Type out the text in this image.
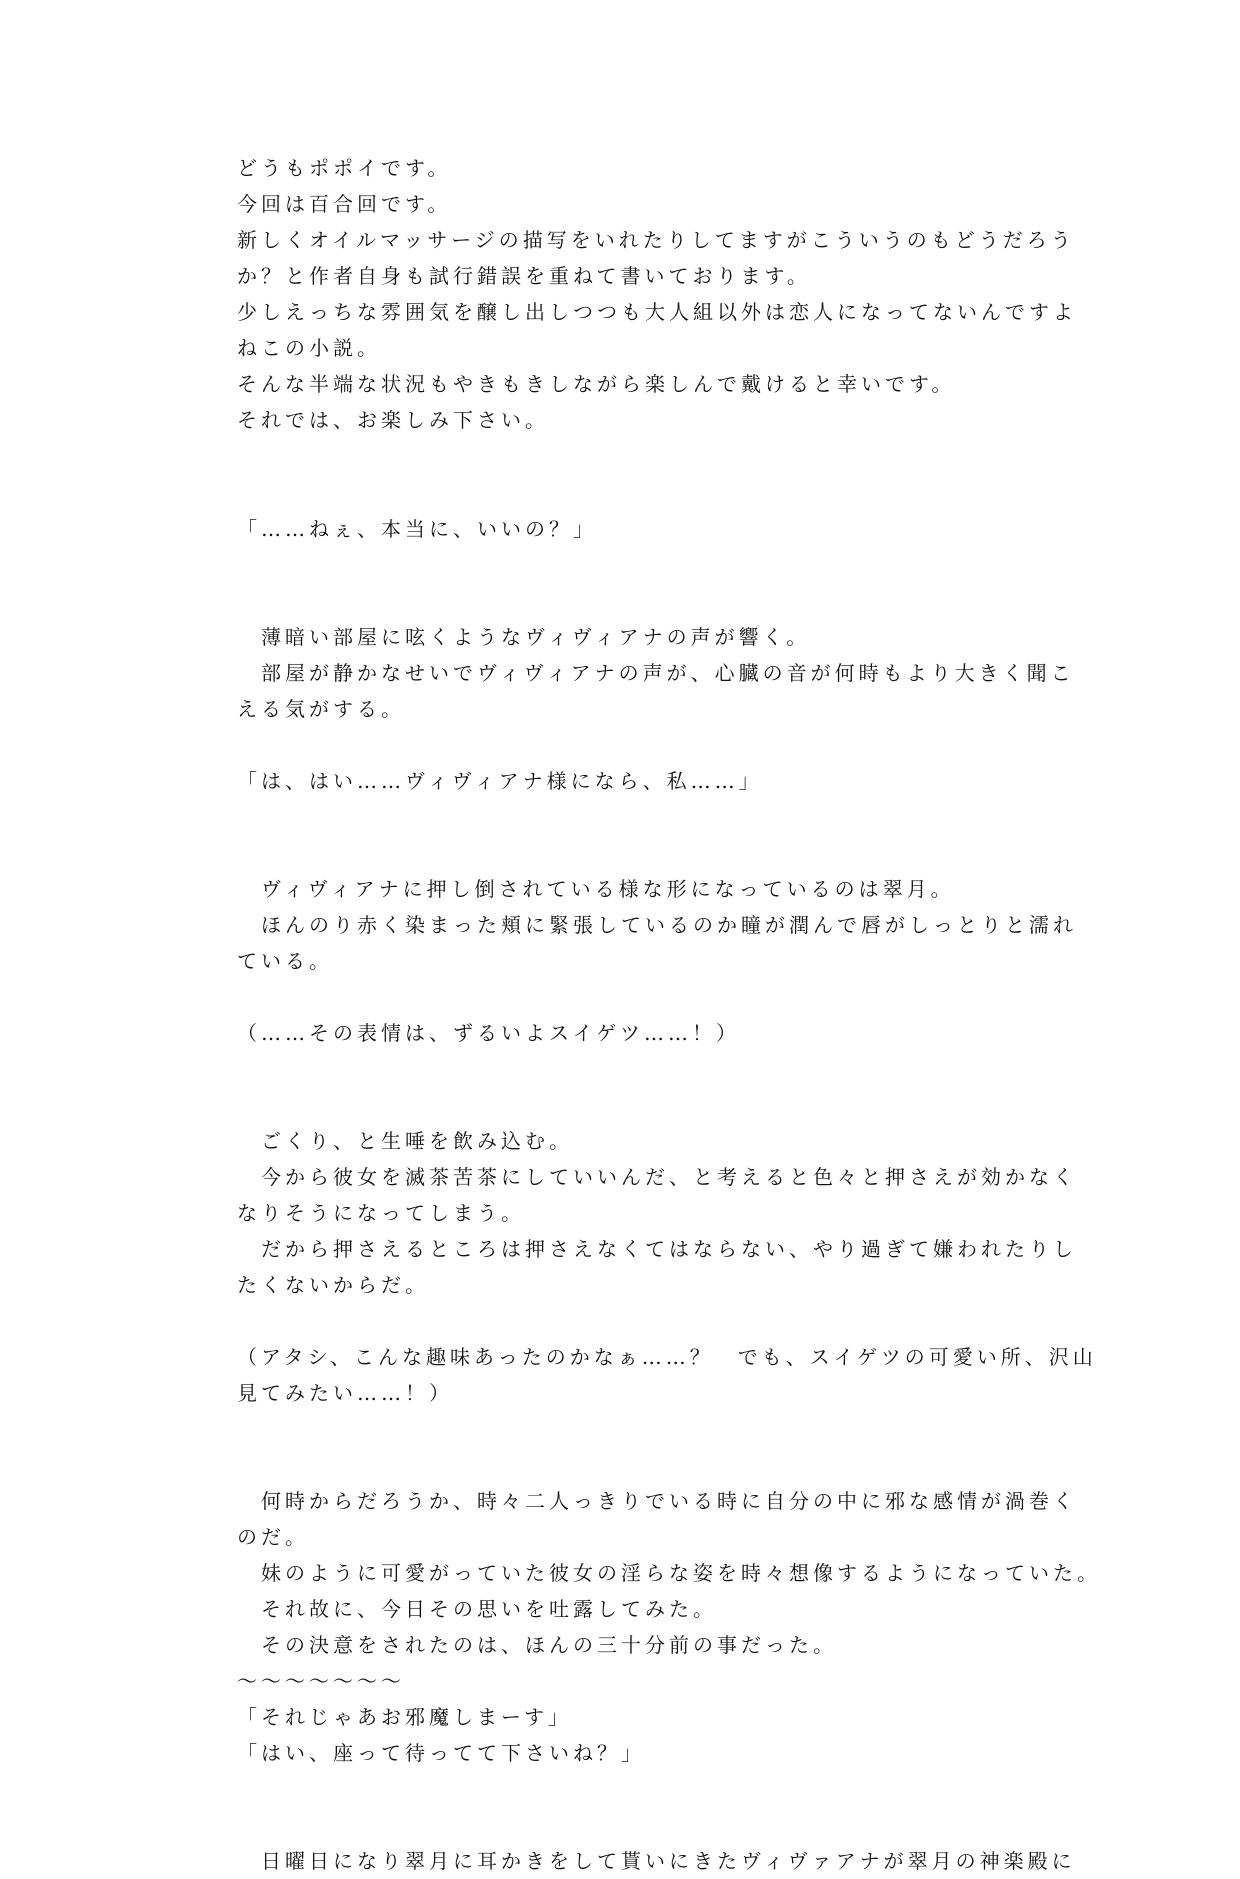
どうもポポイです。
今回は百合回です。
新しくオイルマッサージの描写をいれたりしてますがこういうのもどうだろう
か？と作者自身も試行錯誤を重ねて書いております。
少しえっちな雰囲気を醸し出しつつも大人組以外は恋人になってないんですよ
ねこの小説。
そんな半端な状況もやきもきしながら楽しんで戴けると幸いです。
それでは、お楽しみ下さい。
「……ねぇ、本当に、いいの？」
　薄暗い部屋に呟くようなヴィヴィアナの声が響く。
　部屋が静かなせいでヴィヴィアナの声が、心臓の音が何時もより大きく聞こ
える気がする。
「は、はい……ヴィヴィアナ様になら、私……」
　ヴィヴィアナに押し倒されている様な形になっているのは翠月。
　ほんのり赤く染まった頬に緊張しているのか瞳が潤んで唇がしっとりと濡れ
ている。
（……その表情は、ずるいよスイゲツ……！）
　ごくり、と生唾を飲み込む。
　今から彼女を滅茶苦茶にしていいんだ、と考えると色々と押さえが効かなく
なりそうになってしまう。
　だから押さえるところは押さえなくてはならない、やり過ぎて嫌われたりし
たくないからだ。
（アタシ、こんな趣味あったのかなぁ……？　でも、スイゲツの可愛い所、沢山
見てみたい……！）
　何時からだろうか、時々二人っきりでいる時に自分の中に邪な感情が渦巻く
のだ。
　妹のように可愛がっていた彼女の淫らな姿を時々想像するようになっていた。
　それ故に、今日その思いを吐露してみた。
　その決意をされたのは、ほんの三十分前の事だった。
〜〜〜〜〜〜〜
「それじゃあお邪魔しまーす」
「はい、座って待ってて下さいね？」
　日曜日になり翠月に耳かきをして貰いにきたヴィヴァアナが翠月の神楽殿に
